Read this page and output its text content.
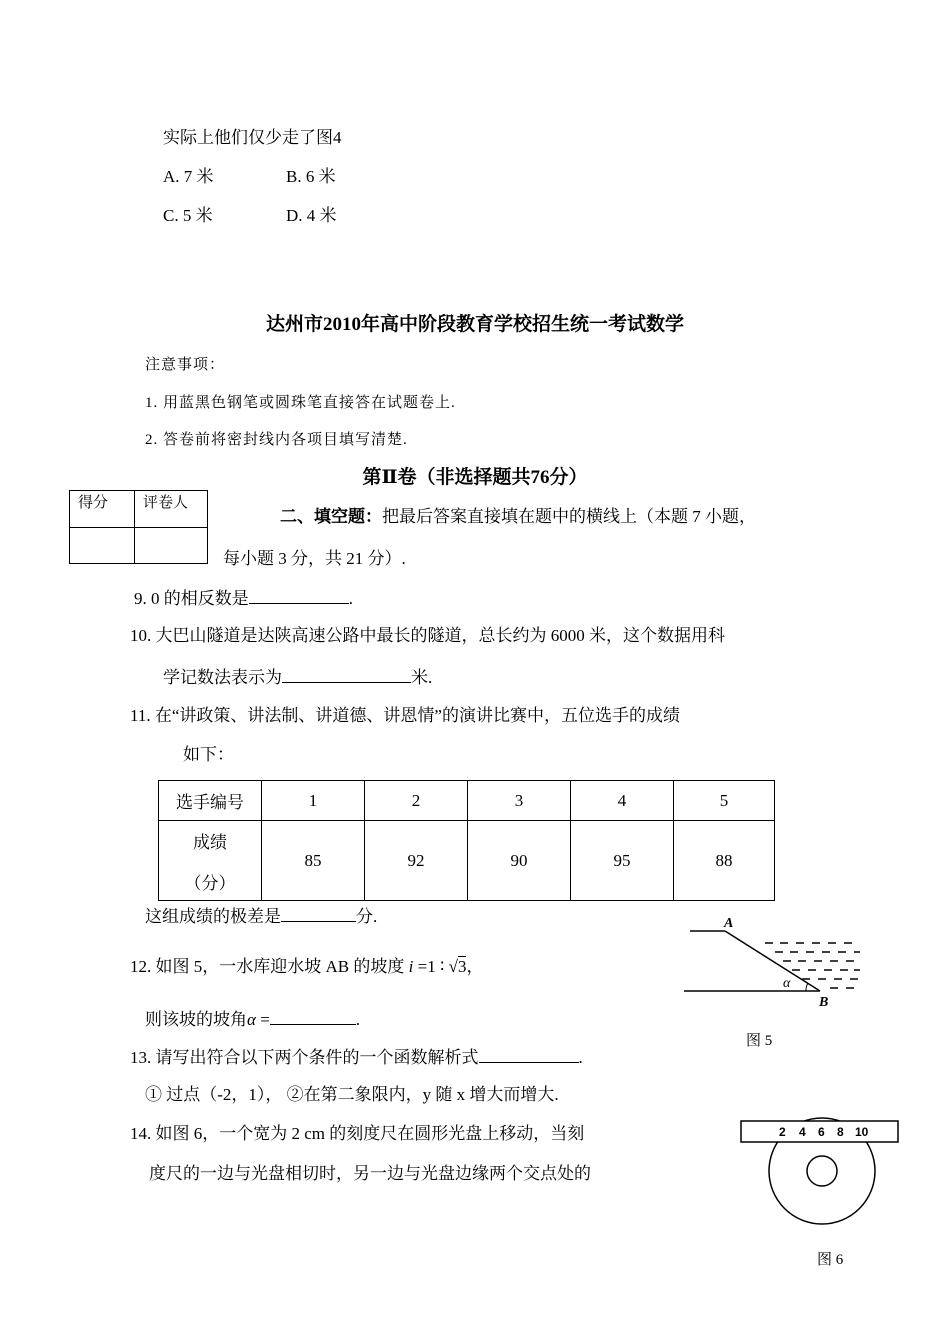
实际上他们仅少走了图4
A. 7 米	B. 6 米
C. 5 米	D. 4 米
达州市2010年高中阶段教育学校招生统一考试数学
注意事项：
1. 用蓝黑色钢笔或圆珠笔直接答在试题卷上.
2. 答卷前将密封线内各项目填写清楚.
第Ⅱ卷（非选择题共76分）
得分	评卷人

二、填空题：把最后答案直接填在题中的横线上（本题 7 小题，
每小题 3 分，共 21 分）.
9. 0 的相反数是	.
10. 大巴山隧道是达陕高速公路中最长的隧道，总长约为 6000 米，这个数据用科
学记数法表示为	米.
11. 在“讲政策、讲法制、讲道德、讲恩情”的演讲比赛中，五位选手的成绩
如下：
选手编号	1	2	3	4	5

成绩
（分）	85	92	90	95	88
这组成绩的极差是	分.
12. 如图 5，一水库迎水坡 AB 的坡度 i =1 ∶ √3，
则该坡的坡角α =	.
A
B
α
图 5
13. 请写出符合以下两个条件的一个函数解析式	.
① 过点（-2，1）， ②在第二象限内，y 随 x 增大而增大.
14. 如图 6，一个宽为 2 cm 的刻度尺在圆形光盘上移动，当刻
度尺的一边与光盘相切时，另一边与光盘边缘两个交点处的
2 4 6 8 10
图 6
